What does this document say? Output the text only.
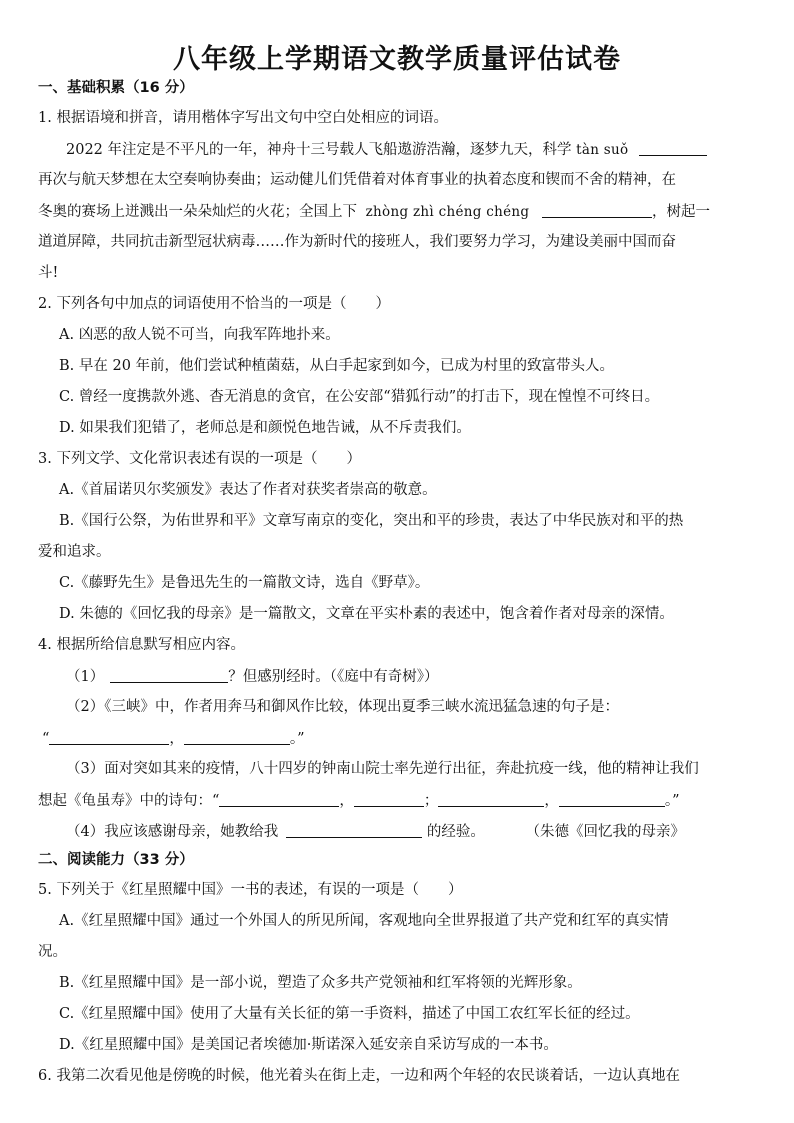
八年级上学期语文教学质量评估试卷
一、基础积累（16 分）
1. 根据语境和拼音，请用楷体字写出文句中空白处相应的词语。
2022 年注定是不平凡的一年，神舟十三号载人飞船遨游浩瀚，逐梦九天，科学 tàn suǒ
再次与航天梦想在太空奏响协奏曲；运动健儿们凭借着对体育事业的执着态度和锲而不舍的精神，在
冬奥的赛场上迸溅出一朵朵灿烂的火花；全国上下 zhòng zhì chéng chéng	，树起一
道道屏障，共同抗击新型冠状病毒……作为新时代的接班人，我们要努力学习，为建设美丽中国而奋
斗!
2. 下列各句中加点的词语使用不恰当的一项是（　　）
A. 凶恶的敌人锐不可当，向我军阵地扑来。
B. 早在 20 年前，他们尝试种植菌菇，从白手起家到如今，已成为村里的致富带头人。
C. 曾经一度携款外逃、杳无消息的贪官，在公安部“猎狐行动”的打击下，现在惶惶不可终日。
D. 如果我们犯错了，老师总是和颜悦色地告诫，从不斥责我们。
3. 下列文学、文化常识表述有误的一项是（　　）
A.《首届诺贝尔奖颁发》表达了作者对获奖者崇高的敬意。
B.《国行公祭，为佑世界和平》文章写南京的变化，突出和平的珍贵，表达了中华民族对和平的热
爱和追求。
C.《藤野先生》是鲁迅先生的一篇散文诗，选自《野草》。
D. 朱德的《回忆我的母亲》是一篇散文，文章在平实朴素的表述中，饱含着作者对母亲的深情。
4. 根据所给信息默写相应内容。
（1）	？但感别经时。（《庭中有奇树》）
（2）《三峡》中，作者用奔马和御风作比较，体现出夏季三峡水流迅猛急速的句子是：
“	，	。”
（3）面对突如其来的疫情，八十四岁的钟南山院士率先逆行出征，奔赴抗疫一线，他的精神让我们
想起《龟虽寿》中的诗句：“	，	；	，	。”
（4）我应该感谢母亲，她教给我	的经验。	（朱德《回忆我的母亲》
二、阅读能力（33 分）
5. 下列关于《红星照耀中国》一书的表述，有误的一项是（　　）
A.《红星照耀中国》通过一个外国人的所见所闻，客观地向全世界报道了共产党和红军的真实情
况。
B.《红星照耀中国》是一部小说，塑造了众多共产党领袖和红军将领的光辉形象。
C.《红星照耀中国》使用了大量有关长征的第一手资料，描述了中国工农红军长征的经过。
D.《红星照耀中国》是美国记者埃德加·斯诺深入延安亲自采访写成的一本书。
6. 我第二次看见他是傍晚的时候，他光着头在街上走，一边和两个年轻的农民谈着话，一边认真地在
